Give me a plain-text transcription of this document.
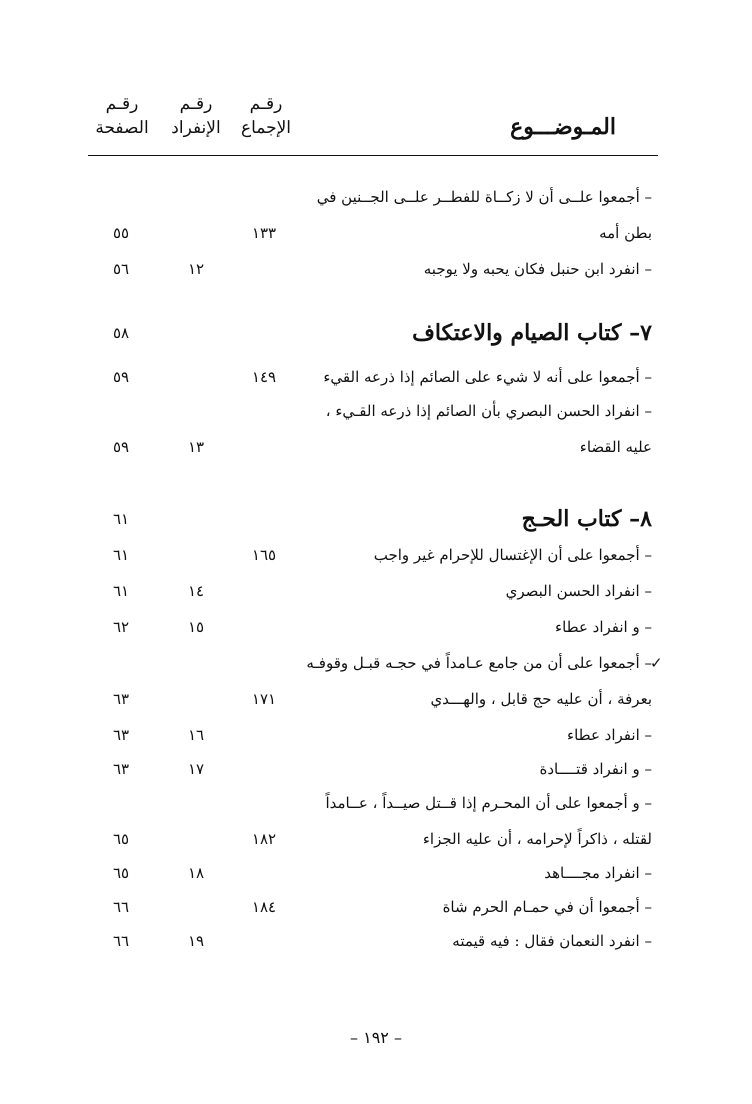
رقـم
الإجماع
رقـم
الإنفراد
رقـم
الصفحة	المـوضـــوع
– أجمعوا علــى أن لا زكــاة للفطــر علــى الجــنين في
بطن أمه
١٣٣
٥٥
– انفرد ابن حنبل فكان يحبه ولا يوجبه
١٢
٥٦
٧– كتاب الصيام والاعتكاف
٥٨
– أجمعوا على أنه لا شيء على الصائم إذا ذرعه القيء
١٤٩
٥٩
– انفراد الحسن البصري بأن الصائم إذا ذرعه القـيء ،
عليه القضاء
١٣
٥٩
٨– كتاب الحـج
٦١
– أجمعوا على أن الإغتسال للإحرام غير واجب
١٦٥
٦١
– انفراد الحسن البصري
١٤
٦١
– و انفراد عطاء
١٥
٦٢
✓
– أجمعوا على أن من جامع عـامداً في حجـه قبـل وقوفـه
بعرفة ، أن عليه حج قابل ، والهـــدي
١٧١
٦٣
– انفراد عطاء
١٦
٦٣
– و انفراد قتــــادة
١٧
٦٣
– و أجمعوا على أن المحـرم إذا قــتل صيــداً ، عــامداً
لقتله ، ذاكراً لإحرامه ، أن عليه الجزاء
١٨٢
٦٥
– انفراد مجــــاهد
١٨
٦٥
– أجمعوا أن في حمـام الحرم شاة
١٨٤
٦٦
– انفرد النعمان فقال : فيه قيمته
١٩
٦٦
– ١٩٢ –
